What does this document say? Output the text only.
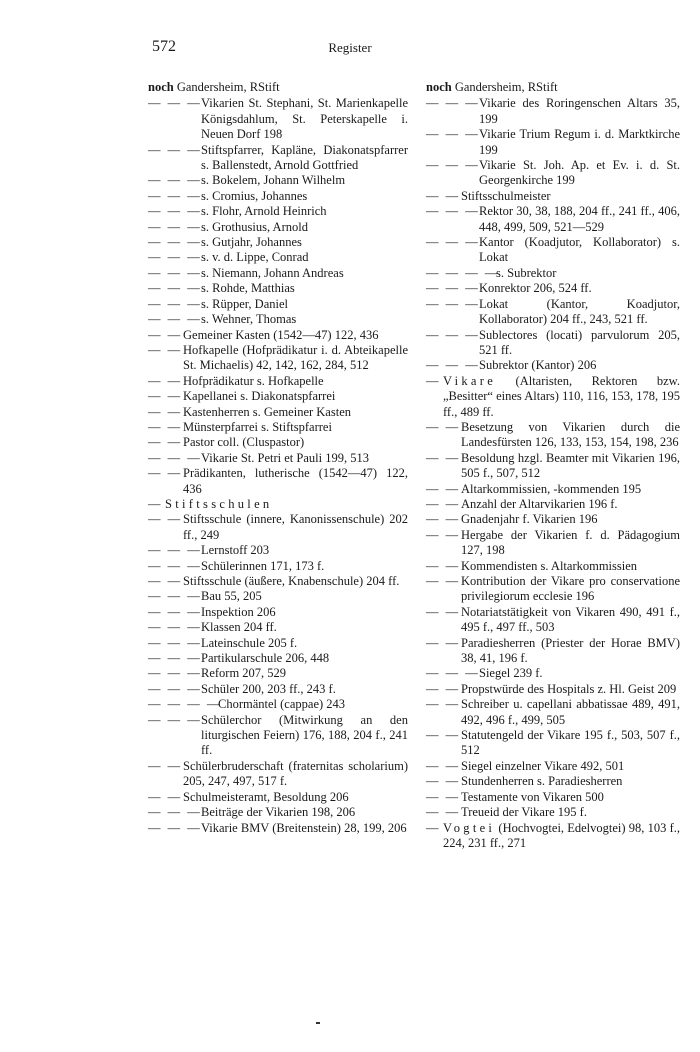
572	Register
noch Gandersheim, RStift
— — — Vikarien St. Stephani, St. Marienkapelle Königsdahlum, St. Peterskapelle i. Neuen Dorf 198
— — — Stiftspfarrer, Kapläne, Diakonatspfarrer s. Ballenstedt, Arnold Gottfried
— — — s. Bokelem, Johann Wilhelm
— — — s. Cromius, Johannes
— — — s. Flohr, Arnold Heinrich
— — — s. Grothusius, Arnold
— — — s. Gutjahr, Johannes
— — — s. v. d. Lippe, Conrad
— — — s. Niemann, Johann Andreas
— — — s. Rohde, Matthias
— — — s. Rüpper, Daniel
— — — s. Wehner, Thomas
— — Gemeiner Kasten (1542—47) 122, 436
— — Hofkapelle (Hofprädikatur i. d. Abteikapelle St. Michaelis) 42, 142, 162, 284, 512
— — Hofprädikatur s. Hofkapelle
— — Kapellanei s. Diakonatspfarrei
— — Kastenherren s. Gemeiner Kasten
— — Münsterpfarrei s. Stiftspfarrei
— — Pastor coll. (Cluspastor)
— — — Vikarie St. Petri et Pauli 199, 513
— — Prädikanten, lutherische (1542—47) 122, 436
— Stiftsschulen
— — Stiftsschule (innere, Kanonissenschule) 202 ff., 249
— — — Lernstoff 203
— — — Schülerinnen 171, 173 f.
— — Stiftsschule (äußere, Knabenschule) 204 ff.
— — — Bau 55, 205
— — — Inspektion 206
— — — Klassen 204 ff.
— — — Lateinschule 205 f.
— — — Partikularschule 206, 448
— — — Reform 207, 529
— — — Schüler 200, 203 ff., 243 f.
— — — —
Chormäntel (cappae) 243
— — — Schülerchor (Mitwirkung an den liturgischen Feiern) 176, 188, 204 f., 241 ff.
— — Schülerbruderschaft (fraternitas scholarium) 205, 247, 497, 517 f.
— — Schulmeisteramt, Besoldung 206
— — — Beiträge der Vikarien 198, 206
— — — Vikarie BMV (Breitenstein) 28, 199, 206
noch Gandersheim, RStift
— — — Vikarie des Roringenschen Altars 35, 199
— — — Vikarie Trium Regum i. d. Marktkirche 199
— — — Vikarie St. Joh. Ap. et Ev. i. d. St. Georgenkirche 199
— — Stiftsschulmeister
— — — Rektor 30, 38, 188, 204 ff., 241 ff., 406, 448, 499, 509, 521—529
— — — Kantor (Koadjutor, Kollaborator) s. Lokat
— — — —
s. Subrektor
— — — Konrektor 206, 524 ff.
— — — Lokat (Kantor, Koadjutor, Kollaborator) 204 ff., 243, 521 ff.
— — — Sublectores (locati) parvulorum 205, 521 ff.
— — — Subrektor (Kantor) 206
— Vikare (Altaristen, Rektoren bzw. „Besitter“ eines Altars) 110, 116, 153, 178, 195 ff., 489 ff.
— — Besetzung von Vikarien durch die Landesfürsten 126, 133, 153, 154, 198, 236
— — Besoldung hzgl. Beamter mit Vikarien 196, 505 f., 507, 512
— — Altarkommissien, -kommenden 195
— — Anzahl der Altarvikarien 196 f.
— — Gnadenjahr f. Vikarien 196
— — Hergabe der Vikarien f. d. Pädagogium 127, 198
— — Kommendisten s. Altarkommissien
— — Kontribution der Vikare pro conservatione privilegiorum ecclesie 196
— — Notariatstätigkeit von Vikaren 490, 491 f., 495 f., 497 ff., 503
— — Paradiesherren (Priester der Horae BMV) 38, 41, 196 f.
— — — Siegel 239 f.
— — Propstwürde des Hospitals z. Hl. Geist 209
— — Schreiber u. capellani abbatissae 489, 491, 492, 496 f., 499, 505
— — Statutengeld der Vikare 195 f., 503, 507 f., 512
— — Siegel einzelner Vikare 492, 501
— — Stundenherren s. Paradiesherren
— — Testamente von Vikaren 500
— — Treueid der Vikare 195 f.
— Vogtei (Hochvogtei, Edelvogtei) 98, 103 f., 224, 231 ff., 271
